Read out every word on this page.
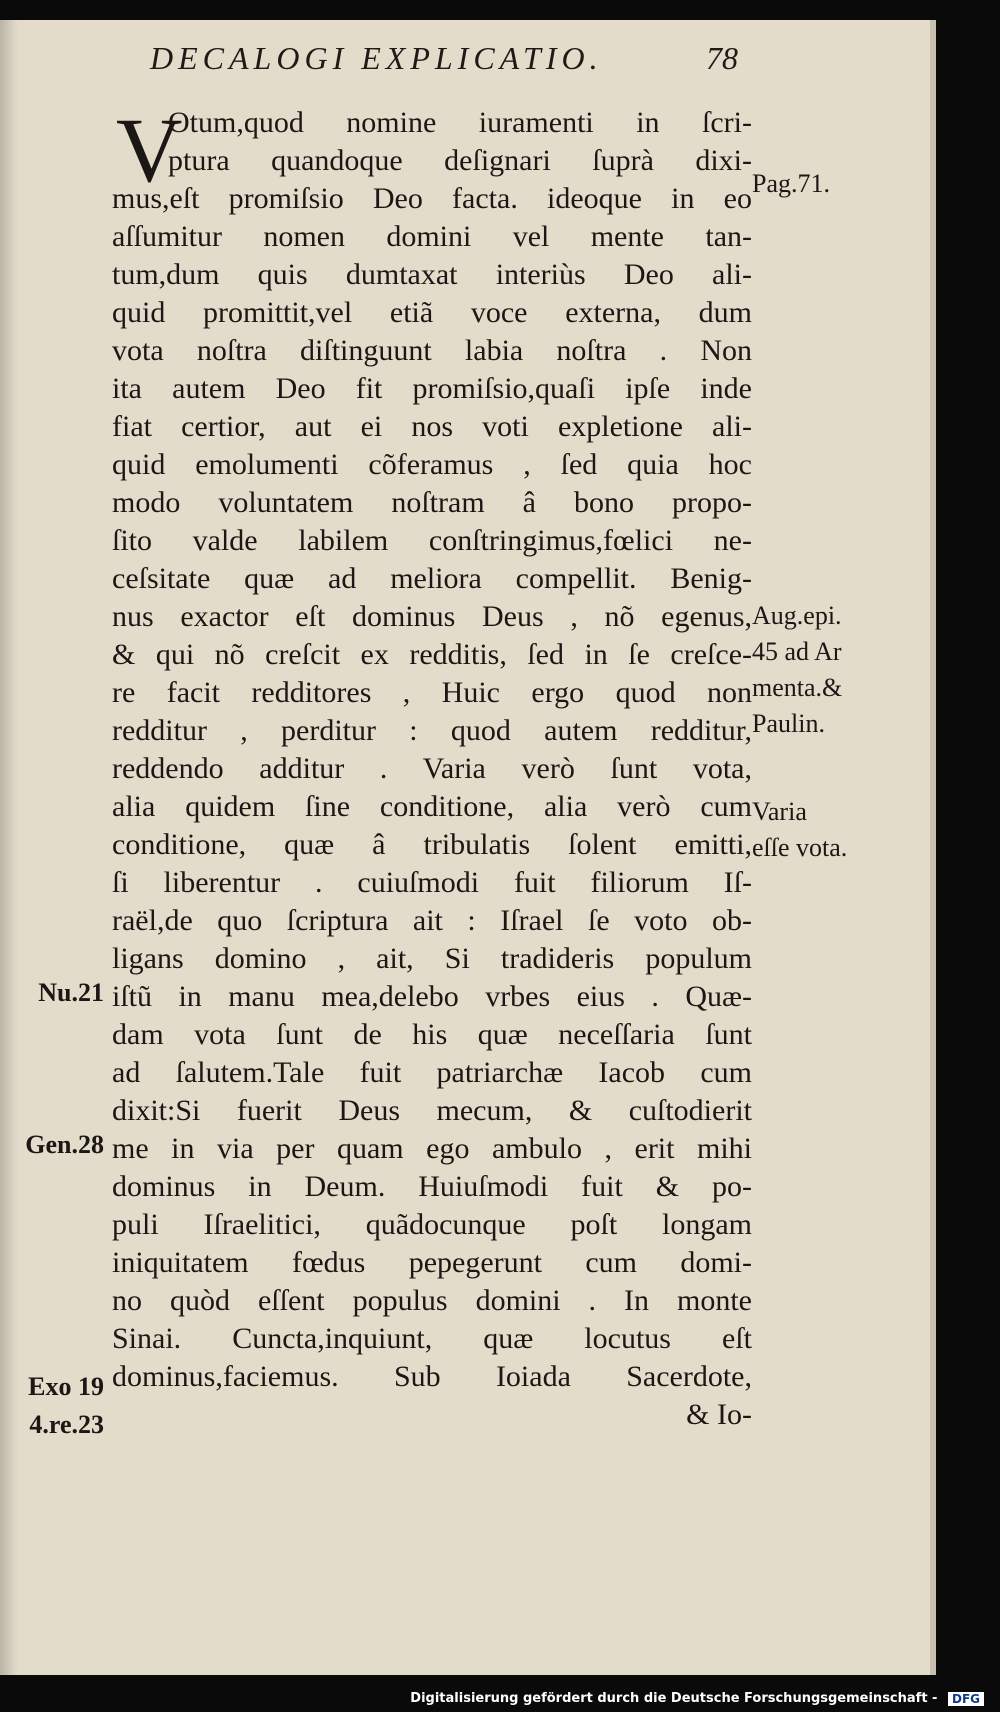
DECALOGI EXPLICATIO.	78
V
Otum,quod nomine iuramenti in ſcri-
ptura quandoque deſignari ſuprà dixi-
mus,eſt promiſsio Deo facta. ideoque in eo
aſſumitur nomen domini vel mente tan-
tum,dum quis dumtaxat interiùs Deo ali-
quid promittit,vel etiã voce externa, dum
vota noſtra diſtinguunt labia noſtra . Non
ita autem Deo fit promiſsio,quaſi ipſe inde
fiat certior, aut ei nos voti expletione ali-
quid emolumenti cõferamus , ſed quia hoc
modo voluntatem noſtram â bono propo-
ſito valde labilem conſtringimus,fœlici ne-
ceſsitate quæ ad meliora compellit. Benig-
nus exactor eſt dominus Deus , nõ egenus,
& qui nõ creſcit ex redditis, ſed in ſe creſce-
re facit redditores , Huic ergo quod non
redditur , perditur : quod autem redditur,
reddendo additur . Varia verò ſunt vota,
alia quidem ſine conditione, alia verò cum
conditione, quæ â tribulatis ſolent emitti,
ſi liberentur . cuiuſmodi fuit filiorum Iſ-
raël,de quo ſcriptura ait : Iſrael ſe voto ob-
ligans domino , ait, Si tradideris populum
iſtũ in manu mea,delebo vrbes eius . Quæ-
dam vota ſunt de his quæ neceſſaria ſunt
ad ſalutem.Tale fuit patriarchæ Iacob cum
dixit:Si fuerit Deus mecum, & cuſtodierit
me in via per quam ego ambulo , erit mihi
dominus in Deum. Huiuſmodi fuit & po-
puli Iſraelitici, quãdocunque poſt longam
iniquitatem fœdus pepegerunt cum domi-
no quòd eſſent populus domini . In monte
Sinai. Cuncta,inquiunt, quæ locutus eſt
dominus,faciemus. Sub Ioiada Sacerdote,
& Io-
Pag.71.
Aug.epi.
45 ad Ar
menta.&
Paulin.
Varia
eſſe vota.
Nu.21
Gen.28
Exo 19
4.re.23
Digitalisierung gefördert durch die Deutsche Forschungsgemeinschaft - DFG
